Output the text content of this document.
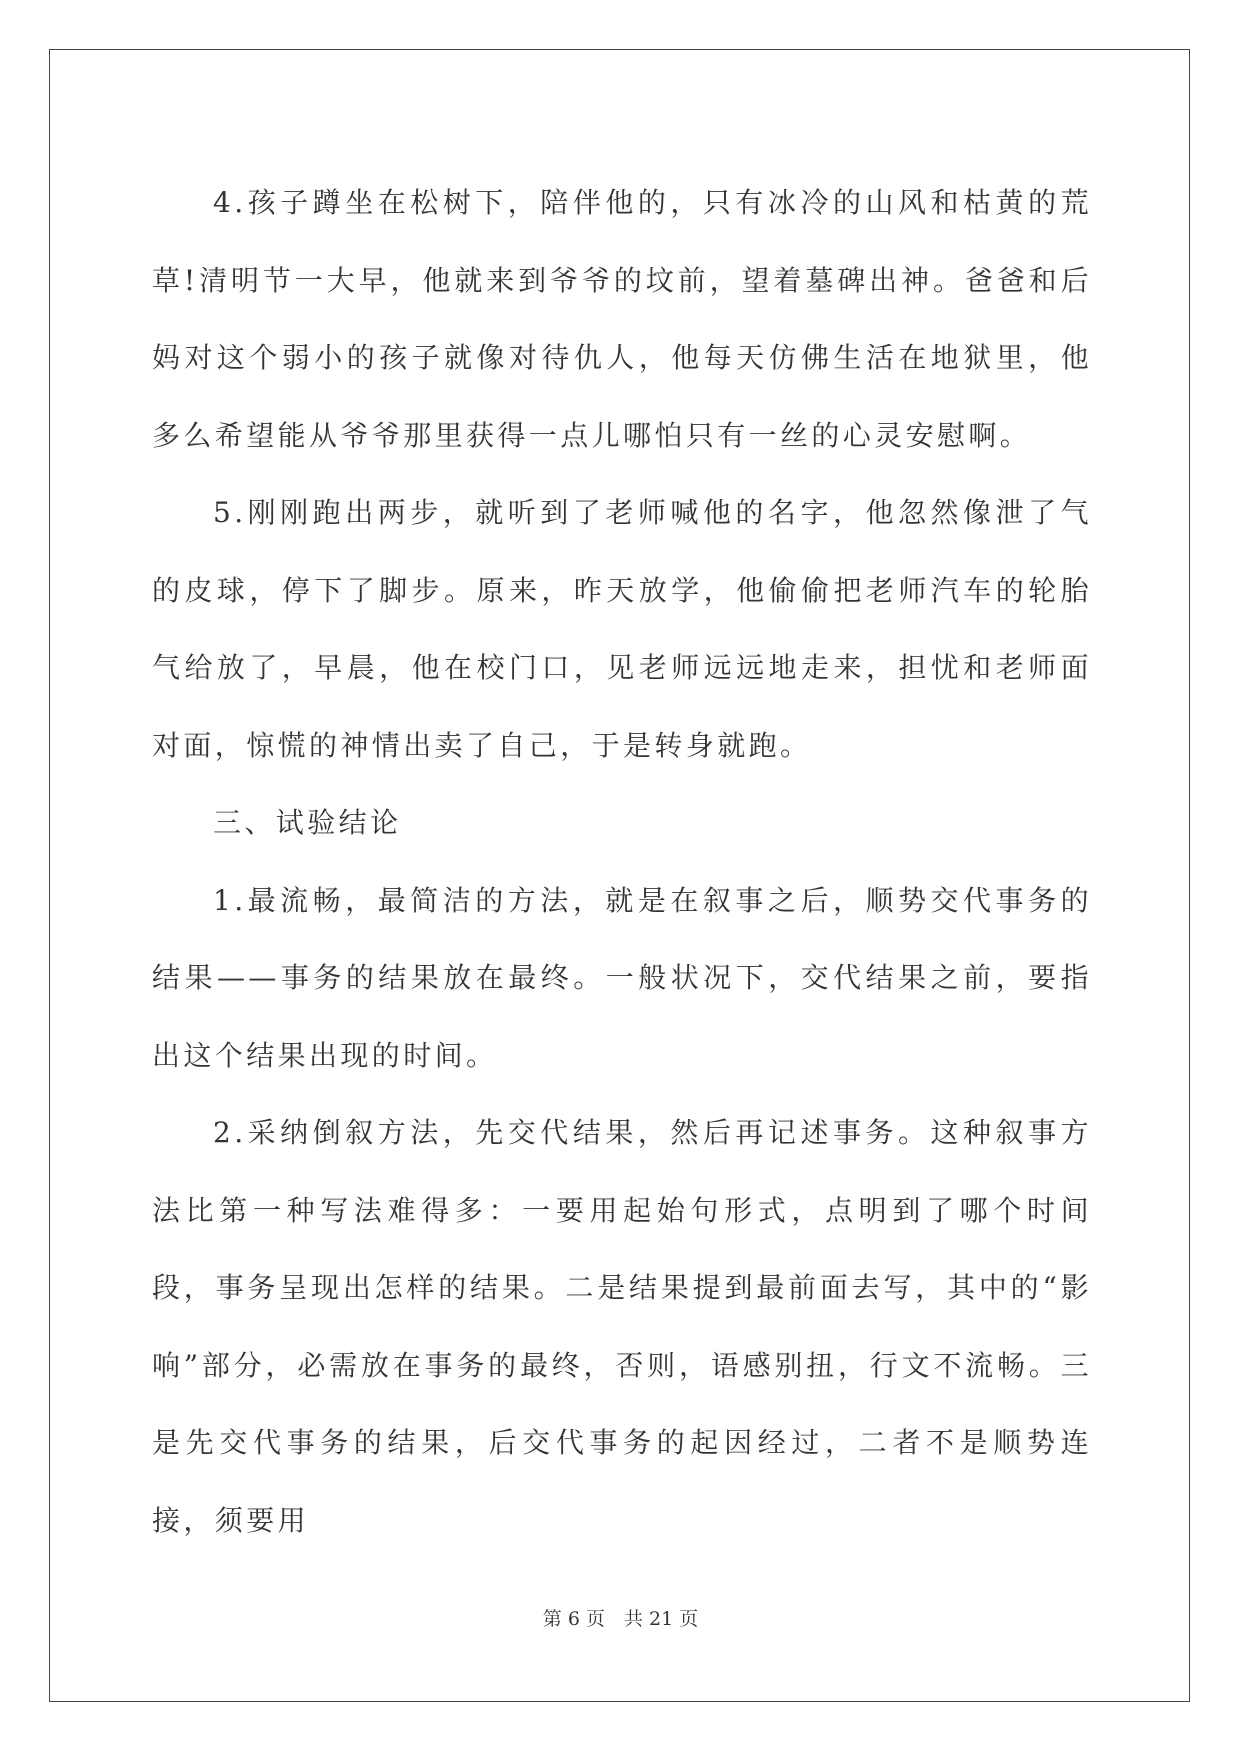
4.孩子蹲坐在松树下，陪伴他的，只有冰冷的山风和枯黄的荒草!清明节一大早，他就来到爷爷的坟前，望着墓碑出神。爸爸和后妈对这个弱小的孩子就像对待仇人，他每天仿佛生活在地狱里，他多么希望能从爷爷那里获得一点儿哪怕只有一丝的心灵安慰啊。

5.刚刚跑出两步，就听到了老师喊他的名字，他忽然像泄了气的皮球，停下了脚步。原来，昨天放学，他偷偷把老师汽车的轮胎气给放了，早晨，他在校门口，见老师远远地走来，担忧和老师面对面，惊慌的神情出卖了自己，于是转身就跑。

三、试验结论

1.最流畅，最简洁的方法，就是在叙事之后，顺势交代事务的结果——事务的结果放在最终。一般状况下，交代结果之前，要指出这个结果出现的时间。

2.采纳倒叙方法，先交代结果，然后再记述事务。这种叙事方法比第一种写法难得多：一要用起始句形式，点明到了哪个时间段，事务呈现出怎样的结果。二是结果提到最前面去写，其中的“影响”部分，必需放在事务的最终，否则，语感别扭，行文不流畅。三是先交代事务的结果，后交代事务的起因经过，二者不是顺势连接，须要用

第 6 页　共 21 页
